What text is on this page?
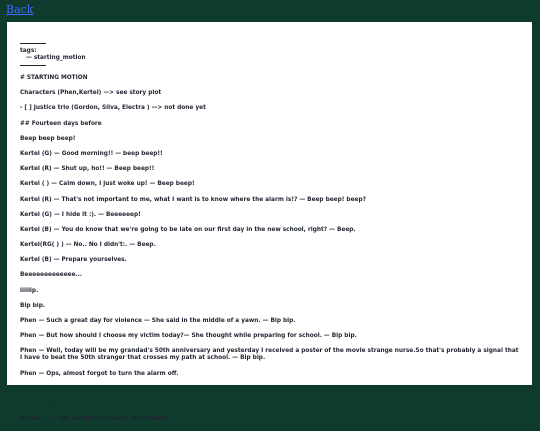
Back
tags:
— starting_motion

# STARTING MOTION

Characters (Phen,Kertel) —> see story plot

- [ ] Justice trio (Gordon, Silva, Electra ) —> not done yet

## Fourteen days before

Beep beep beep!

Kertel (G) — Good morning!! — beep beep!!

Kertel (R) — Shut up, ho!! — Beep beep!!

Kertel ( ) — Calm down, I just woke up! — Beep beep!

Kertel (R) — That's not important to me, what I want is to know where the alarm is!? — Beep beep! beep?

Kertel (G) — I hide it :). — Beeeeeep!

Kertel (B) — You do know that we're going to be late on our first day in the new school, right? — Beep.

Kertel(RG( ) ) — No.. No I didn't:. — Beep.

Kertel (B) — Prepare yourselves.

Beeeeeeeeeeeee...

iiiiiip.

Bip bip.

Phen — Such a great day for violence — She said in the middle of a yawn. — Bip bip.

Phen — But how should I choose my victim today?— She thought while preparing for school. — Bip bip.

Phen — Well, today will be my grandad's 50th anniversary and yesterday I received a poster of the movie strange nurse.So that's probably a signal that I have to beat the 50th stranger that crosses my path at school. — Bip bip.

Phen — Ops, almost forgot to turn the alarm off.

Kertel ( ) — Ok, we got to school. What now?
